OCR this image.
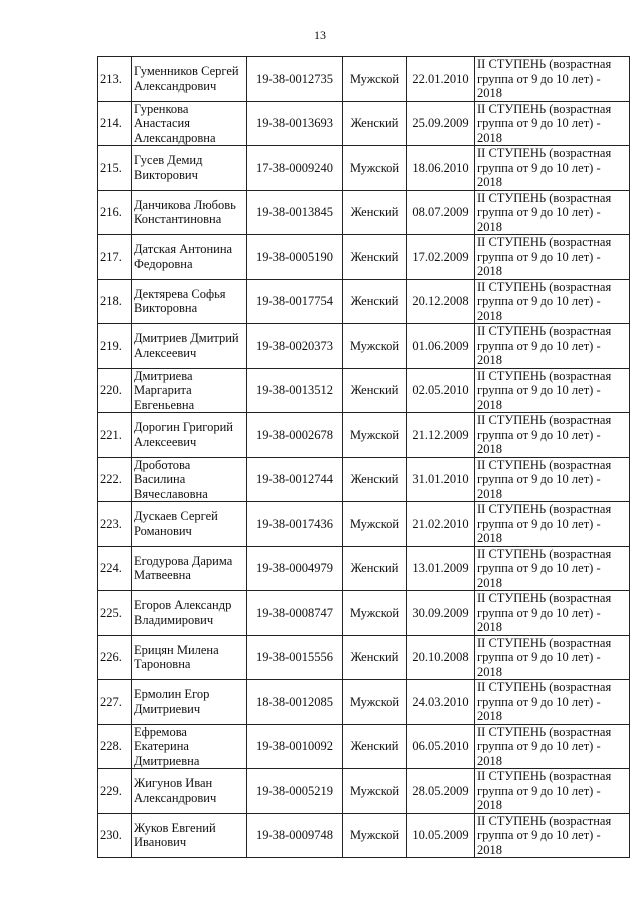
13
213.	Гуменников Сергей Александрович	19-38-0012735	Мужской	22.01.2010	II СТУПЕНЬ (возрастная группа от 9 до 10 лет) - 2018
214.	Гуренкова Анастасия Александровна	19-38-0013693	Женский	25.09.2009	II СТУПЕНЬ (возрастная группа от 9 до 10 лет) - 2018
215.	Гусев Демид Викторович	17-38-0009240	Мужской	18.06.2010	II СТУПЕНЬ (возрастная группа от 9 до 10 лет) - 2018
216.	Данчикова Любовь Константиновна	19-38-0013845	Женский	08.07.2009	II СТУПЕНЬ (возрастная группа от 9 до 10 лет) - 2018
217.	Датская Антонина Федоровна	19-38-0005190	Женский	17.02.2009	II СТУПЕНЬ (возрастная группа от 9 до 10 лет) - 2018
218.	Дектярева Софья Викторовна	19-38-0017754	Женский	20.12.2008	II СТУПЕНЬ (возрастная группа от 9 до 10 лет) - 2018
219.	Дмитриев Дмитрий Алексеевич	19-38-0020373	Мужской	01.06.2009	II СТУПЕНЬ (возрастная группа от 9 до 10 лет) - 2018
220.	Дмитриева Маргарита Евгеньевна	19-38-0013512	Женский	02.05.2010	II СТУПЕНЬ (возрастная группа от 9 до 10 лет) - 2018
221.	Дорогин Григорий Алексеевич	19-38-0002678	Мужской	21.12.2009	II СТУПЕНЬ (возрастная группа от 9 до 10 лет) - 2018
222.	Дробот‌ова Василина Вячеславовна	19-38-0012744	Женский	31.01.2010	II СТУПЕНЬ (возрастная группа от 9 до 10 лет) - 2018
223.	Дускаев Сергей Романович	19-38-0017436	Мужской	21.02.2010	II СТУПЕНЬ (возрастная группа от 9 до 10 лет) - 2018
224.	Егодурова Дарима Матвеевна	19-38-0004979	Женский	13.01.2009	II СТУПЕНЬ (возрастная группа от 9 до 10 лет) - 2018
225.	Егоров Александр Владимирович	19-38-0008747	Мужской	30.09.2009	II СТУПЕНЬ (возрастная группа от 9 до 10 лет) - 2018
226.	Ерицян Милена Тароновна	19-38-0015556	Женский	20.10.2008	II СТУПЕНЬ (возрастная группа от 9 до 10 лет) - 2018
227.	Ермолин Егор Дмитриевич	18-38-0012085	Мужской	24.03.2010	II СТУПЕНЬ (возрастная группа от 9 до 10 лет) - 2018
228.	Ефремова Екатерина Дмитриевна	19-38-0010092	Женский	06.05.2010	II СТУПЕНЬ (возрастная группа от 9 до 10 лет) - 2018
229.	Жигунов Иван Александрович	19-38-0005219	Мужской	28.05.2009	II СТУПЕНЬ (возрастная группа от 9 до 10 лет) - 2018
230.	Жуков Евгений Иванович	19-38-0009748	Мужской	10.05.2009	II СТУПЕНЬ (возрастная группа от 9 до 10 лет) - 2018
